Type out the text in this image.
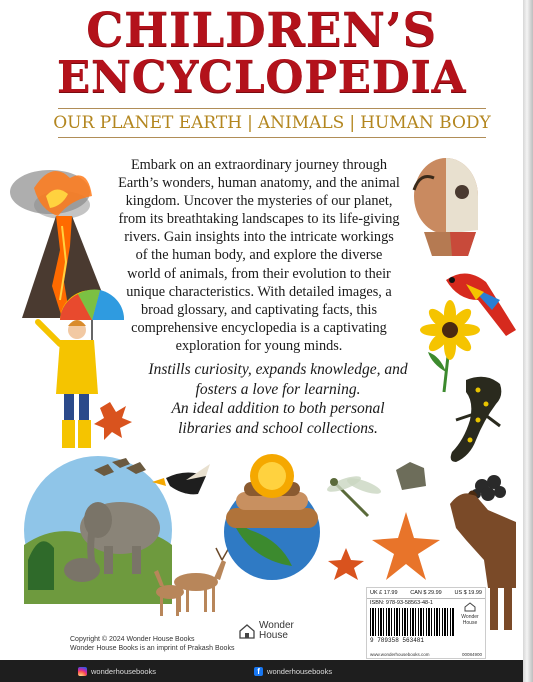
CHILDREN’S
ENCYCLOPEDIA
OUR PLANET EARTH | ANIMALS | HUMAN BODY
Embark on an extraordinary journey through Earth’s wonders, human anatomy, and the animal kingdom. Uncover the mysteries of our planet, from its breathtaking landscapes to its life-giving rivers. Gain insights into the intricate workings of the human body, and explore the diverse world of animals, from their evolution to their unique characteristics. With detailed images, a broad glossary, and captivating facts, this comprehensive encyclopedia is a captivating exploration for young minds.
Instills curiosity, expands knowledge, and fosters a love for learning.
An ideal addition to both personal libraries and school collections.
Copyright © 2024 Wonder House Books
Wonder House Books is an imprint of Prakash Books
Wonder
House
UK £ 17.99 CAN $ 29.99 US $ 19.99
ISBN: 978-93-58563-48-1
9 789358 563481
Wonder
House
www.wonderhousebooks.com	00084900
wonderhousebooks	f wonderhousebooks
